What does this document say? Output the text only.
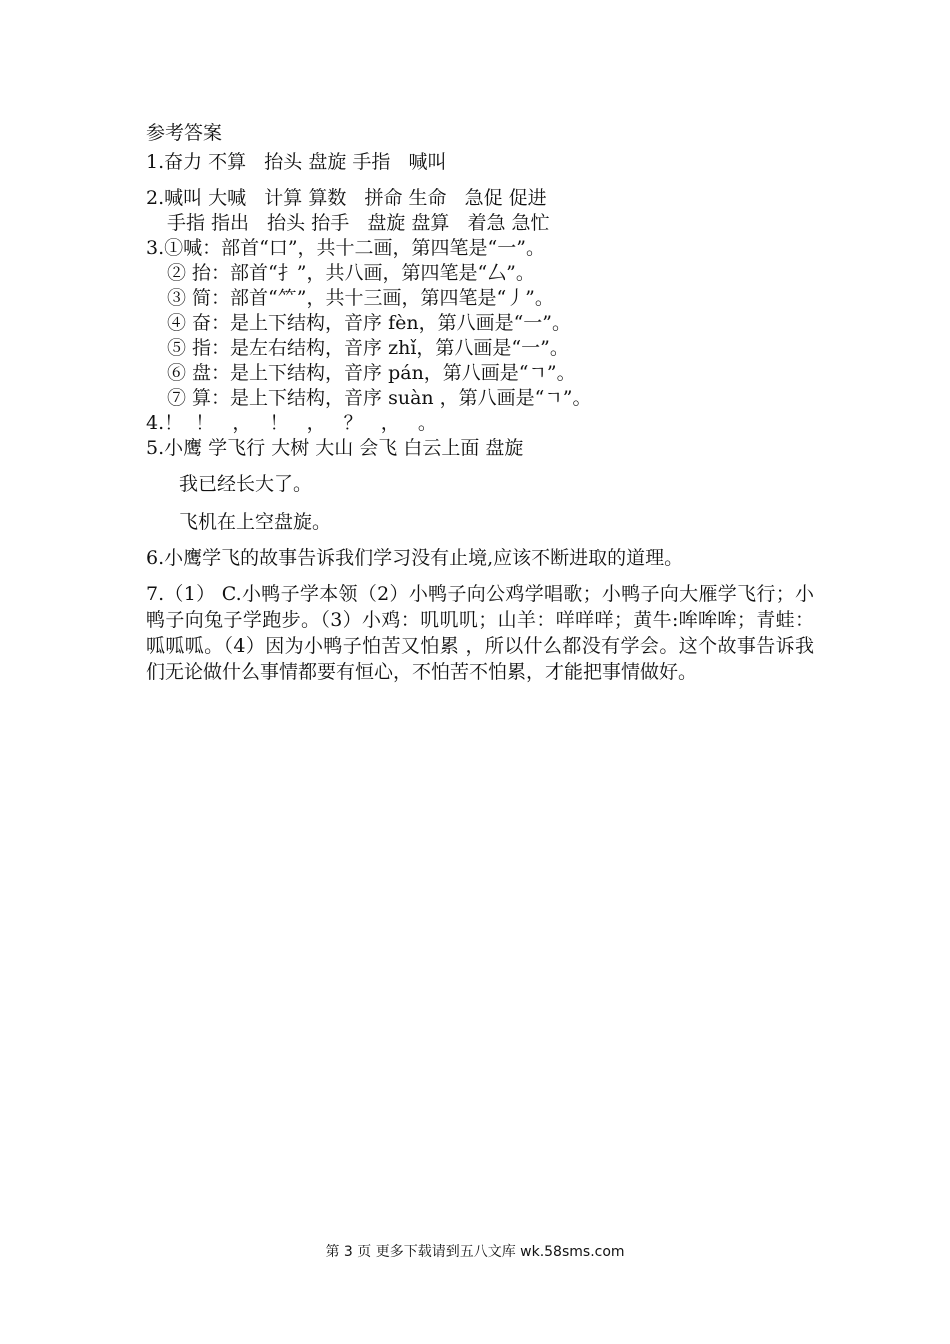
参考答案
1.奋力 不算   抬头 盘旋 手指   喊叫
2.喊叫 大喊   计算 算数   拼命 生命   急促 促进
手指 指出   抬头 抬手   盘旋 盘算   着急 急忙
3.①喊：部首“口”，共十二画，第四笔是“一”。
② 抬：部首“扌”，共八画，第四笔是“厶”。
③ 简：部首“⺮”，共十三画，第四笔是“丿”。
④ 奋：是上下结构，音序 fèn，第八画是“一”。
⑤ 指：是左右结构，音序 zhǐ，第八画是“一”。
⑥ 盘：是上下结构，音序 pán，第八画是“ㄱ”。
⑦ 算：是上下结构，音序 suàn ，第八画是“ㄱ”。
4.！  ！   ，   ！   ，   ？   ，   。
5.小鹰 学飞行 大树 大山 会飞 白云上面 盘旋
我已经长大了。
飞机在上空盘旋。
6.小鹰学飞的故事告诉我们学习没有止境,应该不断进取的道理。
7.（1） C.小鸭子学本领（2）小鸭子向公鸡学唱歌；小鸭子向大雁学飞行；小鸭子向兔子学跑步。（3）小鸡：叽叽叽；山羊：咩咩咩；黄牛:哞哞哞；青蛙：呱呱呱。（4）因为小鸭子怕苦又怕累 ，所以什么都没有学会。这个故事告诉我们无论做什么事情都要有恒心，不怕苦不怕累，才能把事情做好。
第 3 页 更多下载请到五八文库 wk.58sms.com
